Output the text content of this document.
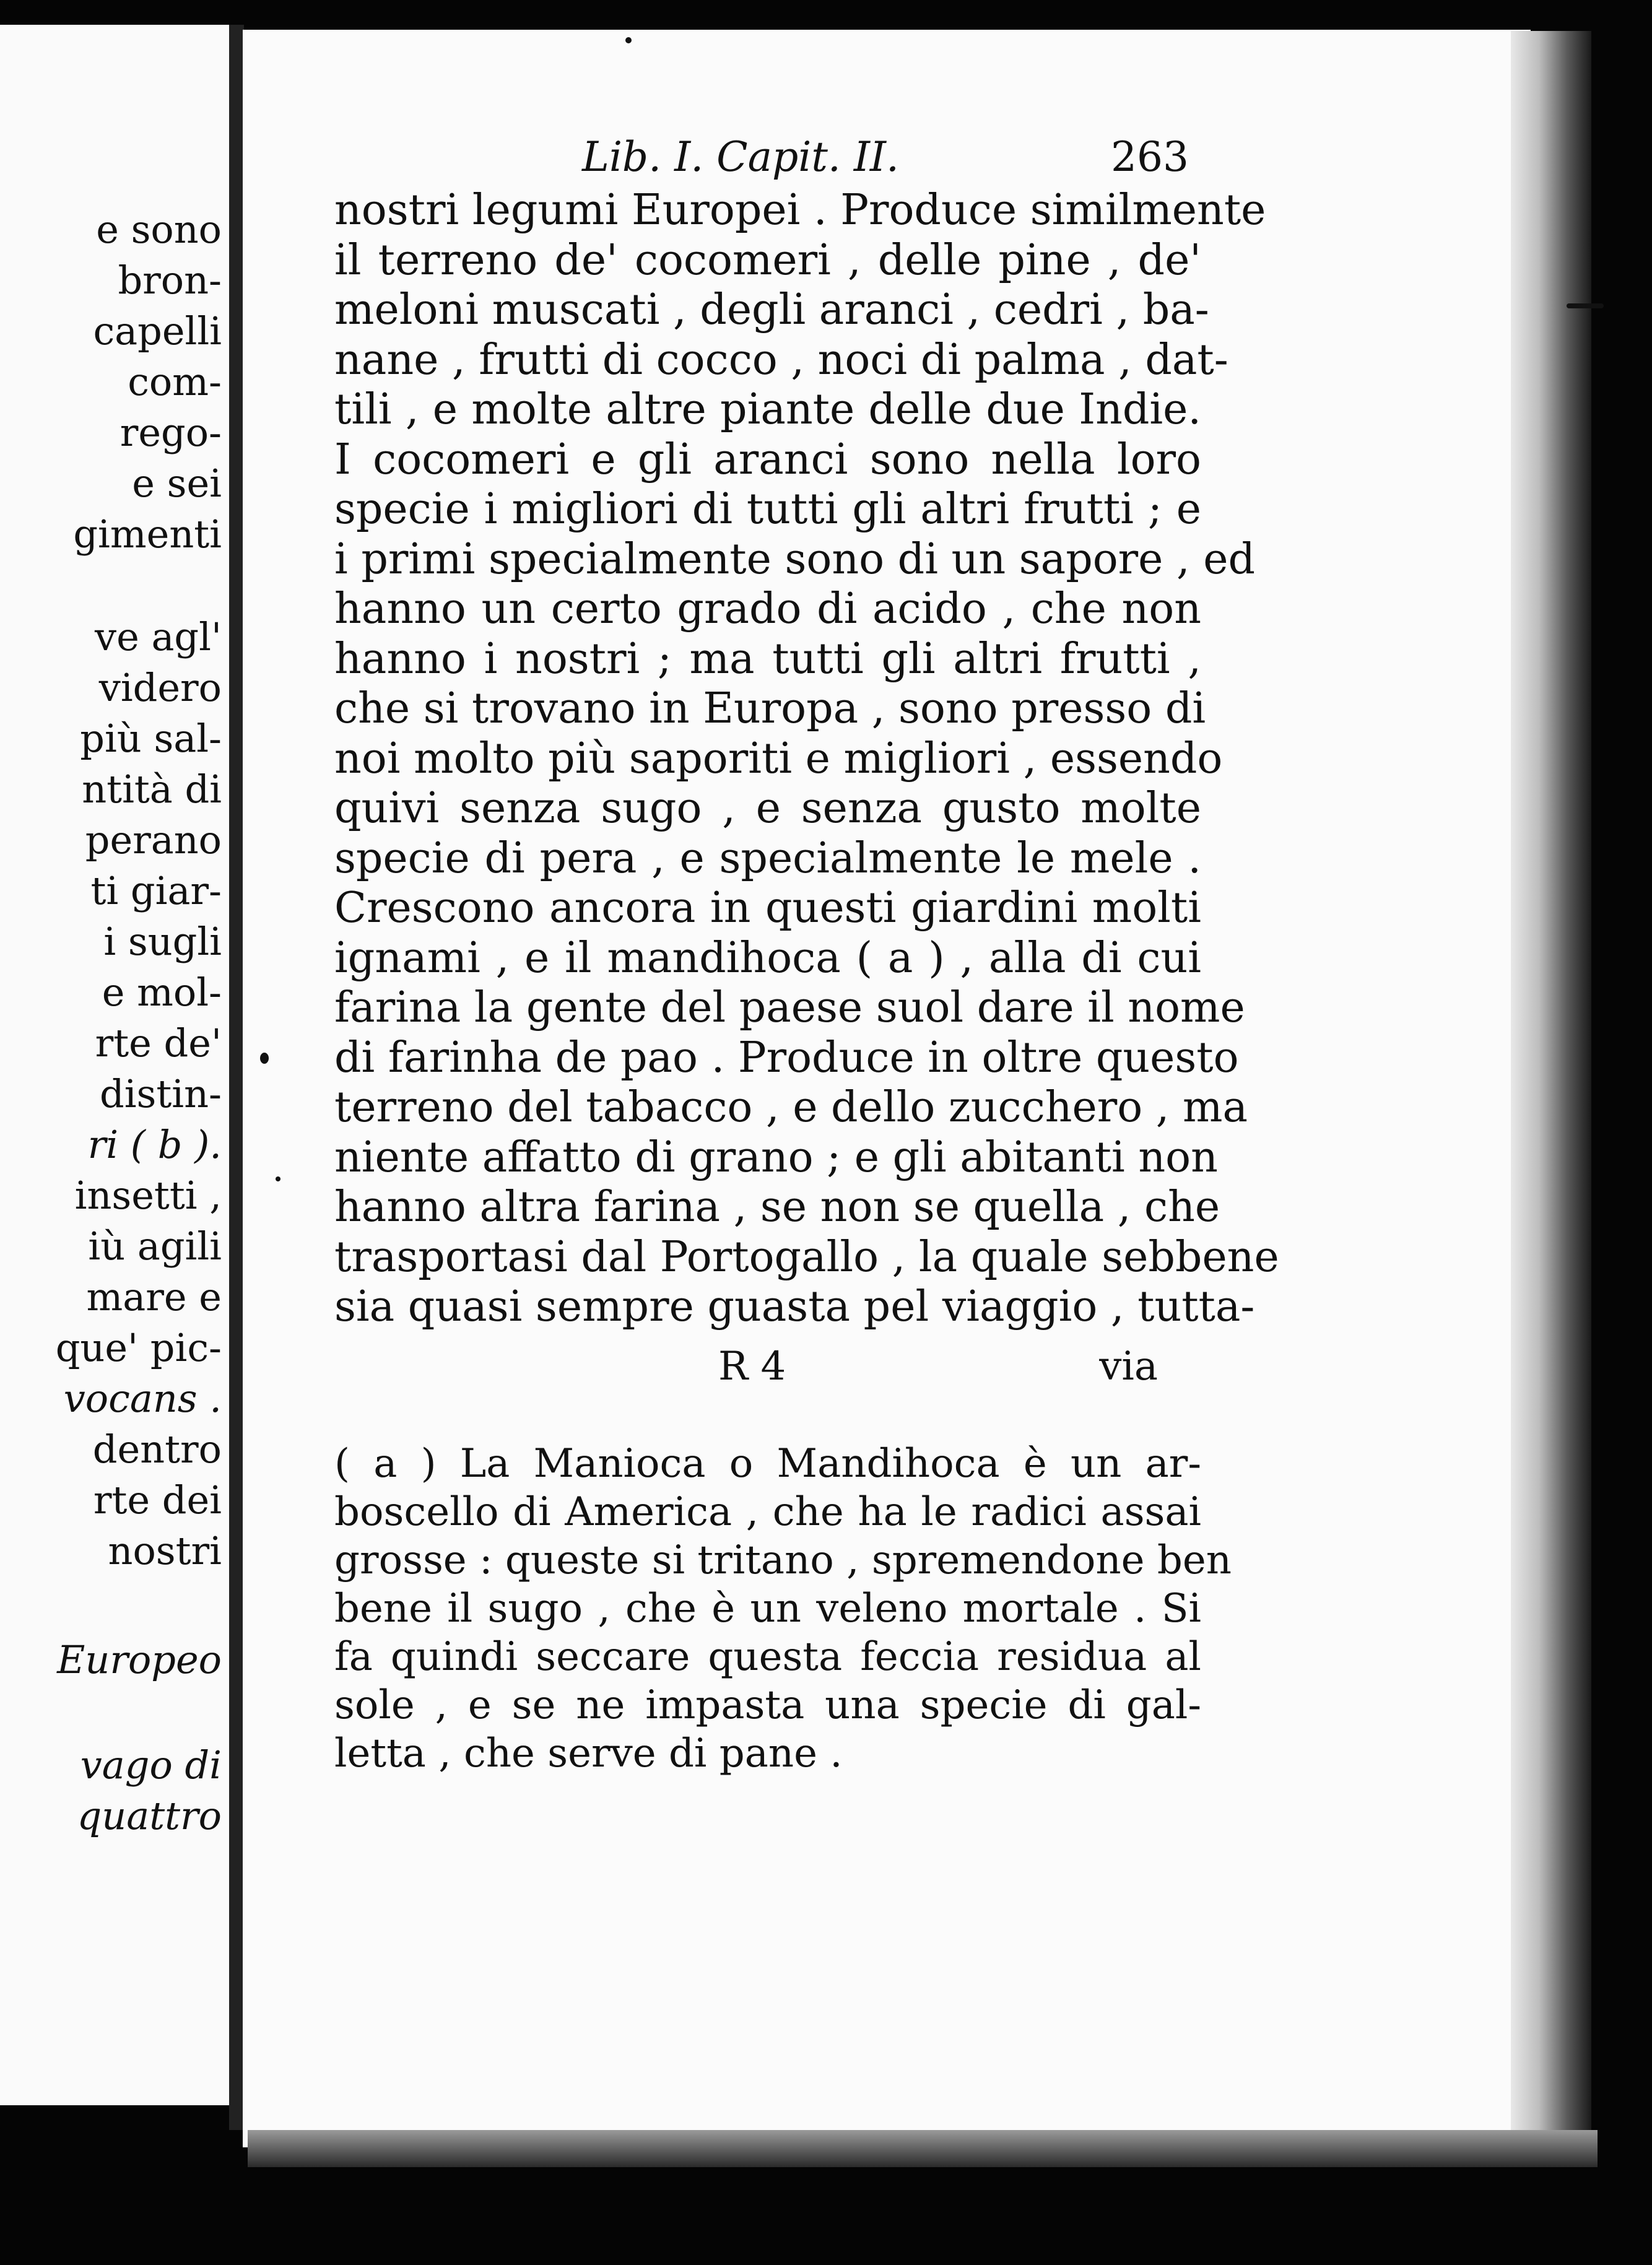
e sono
bron-
capelli
com-
rego-
e sei
gimenti
ve agl'
videro
più sal-
ntità di
perano
ti giar-
i sugli
e mol-
rte de'
distin-
ri ( b ).
insetti ,
iù agili
mare e
que' pic-
vocans .
dentro
rte dei
nostri
Europeo
vago di
quattro
Lib. I. Capit. II.	263
nostri legumi Europei . Produce similmente
il terreno de' cocomeri , delle pine , de'
meloni muscati , degli aranci , cedri , ba-
nane , frutti di cocco , noci di palma , dat-
tili , e molte altre piante delle due Indie.
I cocomeri e gli aranci sono nella loro
specie i migliori di tutti gli altri frutti ; e
i primi specialmente sono di un sapore , ed
hanno un certo grado di acido , che non
hanno i nostri ; ma tutti gli altri frutti ,
che si trovano in Europa , sono presso di
noi molto più saporiti e migliori , essendo
quivi senza sugo , e senza gusto molte
specie di pera , e specialmente le mele .
Crescono ancora in questi giardini molti
ignami , e il mandihoca ( a ) , alla di cui
farina la gente del paese suol dare il nome
di farinha de pao . Produce in oltre questo
terreno del tabacco , e dello zucchero , ma
niente affatto di grano ; e gli abitanti non
hanno altra farina , se non se quella , che
trasportasi dal Portogallo , la quale sebbene
sia quasi sempre guasta pel viaggio , tutta-
R 4	via
( a ) La Manioca o Mandihoca è un ar-
boscello di America , che ha le radici assai
grosse : queste si tritano , spremendone ben
bene il sugo , che è un veleno mortale . Si
fa quindi seccare questa feccia residua al
sole , e se ne impasta una specie di gal-
letta , che serve di pane .
